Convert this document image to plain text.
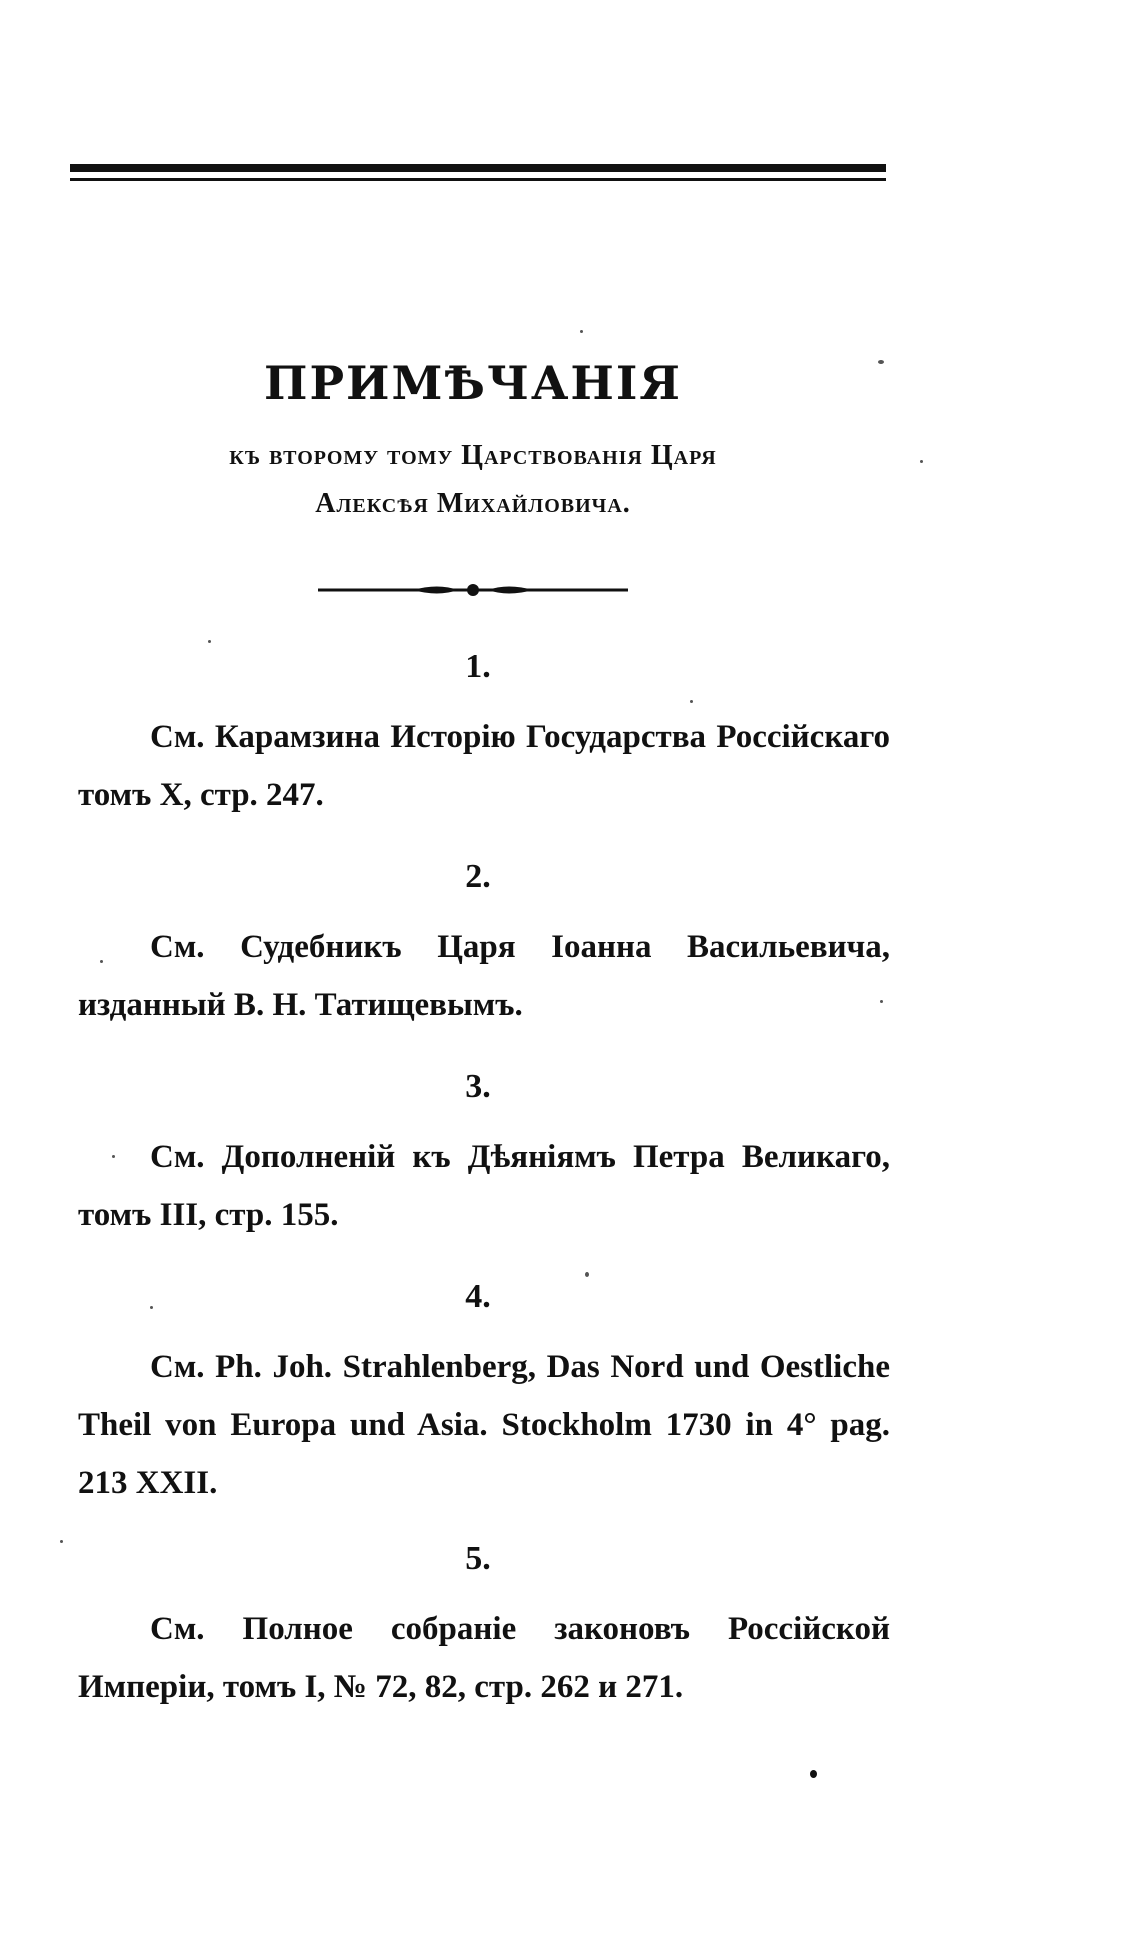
ПРИМѢЧАНІЯ
къ второму тому Царствованія Царя
Алексѣя Михайловича.
1.
См. Карамзина Исторію Государства Россійскаго томъ X, стр. 247.
2.
См. Судебникъ Царя Іоанна Васильевича, изданный В. Н. Татищевымъ.
3.
См. Дополненій къ Дѣяніямъ Петра Великаго, томъ III, стр. 155.
4.
См. Ph. Joh. Strahlenberg, Das Nord und Oestliche Theil von Europa und Asia. Stockholm 1730 in 4° pag. 213 XXII.
5.
См. Полное собраніе законовъ Россійской Имперіи, томъ I, № 72, 82, стр. 262 и 271.
